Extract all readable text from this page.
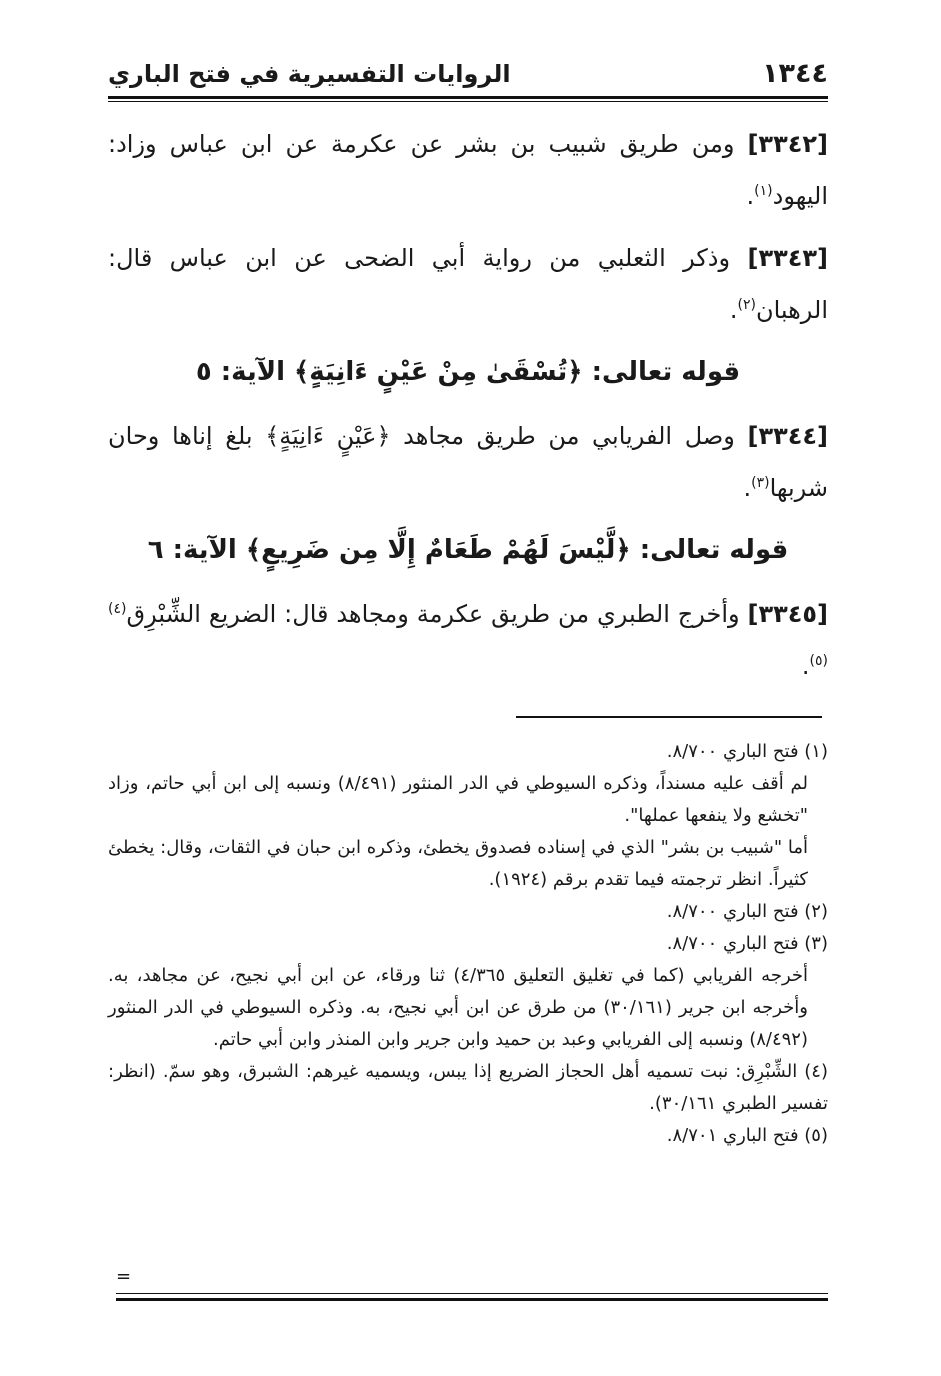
١٣٤٤
الروايات التفسيرية في فتح الباري

[٣٣٤٢] ومن طريق شبيب بن بشر عن عكرمة عن ابن عباس وزاد: اليهود$^{(١)}$.

[٣٣٤٣] وذكر الثعلبي من رواية أبي الضحى عن ابن عباس قال: الرهبان$^{(٢)}$.

قوله تعالى: ﴿تُسْقَىٰ مِنْ عَيْنٍ ءَانِيَةٍ﴾ الآية: ٥

[٣٣٤٤] وصل الفريابي من طريق مجاهد ﴿عَيْنٍ ءَانِيَةٍ﴾ بلغ إناها وحان شربها$^{(٣)}$.

قوله تعالى: ﴿لَّيْسَ لَهُمْ طَعَامٌ إِلَّا مِن ضَرِيعٍ﴾ الآية: ٦

[٣٣٤٥] وأخرج الطبري من طريق عكرمة ومجاهد قال: الضريع الشِّبْرِق$^{(٤)(٥)}$.

(١) فتح الباري ٨/٧٠٠.

لم أقف عليه مسنداً، وذكره السيوطي في الدر المنثور (٨/٤٩١) ونسبه إلى ابن أبي حاتم، وزاد "تخشع ولا ينفعها عملها".

أما "شبيب بن بشر" الذي في إسناده فصدوق يخطئ، وذكره ابن حبان في الثقات، وقال: يخطئ كثيراً. انظر ترجمته فيما تقدم برقم (١٩٢٤).

(٢) فتح الباري ٨/٧٠٠.

(٣) فتح الباري ٨/٧٠٠.

أخرجه الفريابي (كما في تغليق التعليق ٤/٣٦٥) ثنا ورقاء، عن ابن أبي نجيح، عن مجاهد، به. وأخرجه ابن جرير (٣٠/١٦١) من طرق عن ابن أبي نجيح، به. وذكره السيوطي في الدر المنثور (٨/٤٩٢) ونسبه إلى الفريابي وعبد بن حميد وابن جرير وابن المنذر وابن أبي حاتم.

(٤) الشِّبْرِق: نبت تسميه أهل الحجاز الضريع إذا يبس، ويسميه غيرهم: الشبرق، وهو سمّ. (انظر: تفسير الطبري ٣٠/١٦١).

(٥) فتح الباري ٨/٧٠١.

=
